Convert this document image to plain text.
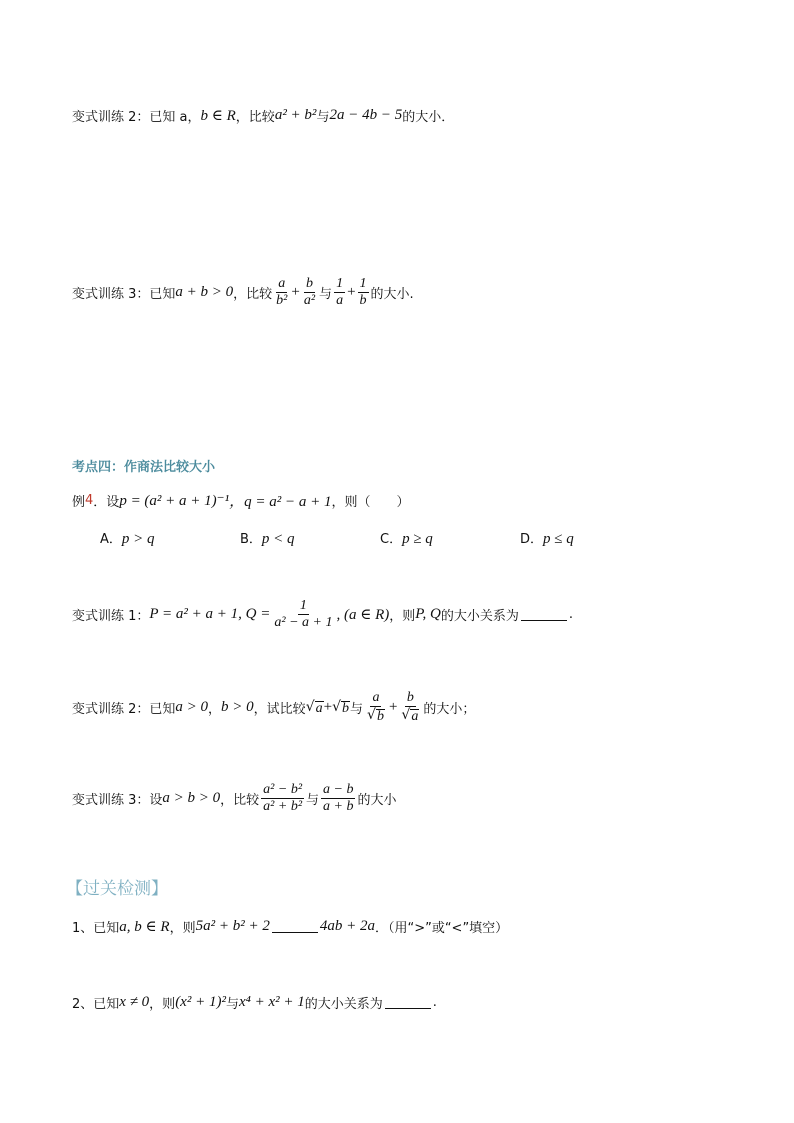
变式训练 2：已知 a， b ∈ R ，比较 a² + b² 与 2a − 4b − 5 的大小．
变式训练 3：已知 a + b > 0 ，比较 $\frac{a}{\text{b²}} + \frac{b}{\text{a²}}$ 与 $\frac{1}{a} + \frac{1}{b}$ 的大小.
考点四：作商法比较大小
例 4 ．设 p = (a² + a + 1)⁻¹ ，q = a² − a + 1 ，则（　　）
A．p > q	B．p < q	C．p ≥ q	D．p ≤ q
变式训练 1： P = a² + a + 1, $Q = \frac{1}{\text{a² − a + 1}}$ , (a ∈ R) ，则 P, Q 的大小关系为	.
变式训练 2：已知 a > 0 ， b > 0 ，试比较 √ a + √ b 与 $\frac{a}{√ b} + \frac{b}{√ a}$ 的大小；
变式训练 3：设 a > b > 0 ，比较 $\frac{\text{a² − b²}}{\text{a² + b²}}$ 与 $\frac{a - b}{a + b}$ 的大小
【过关检测】
1、已知 a, b ∈ R ，则 5a² + b² + 2	4ab + 2a ．（用“>”或“<”填空）
2、已知 x ≠ 0 ，则 (x² + 1)² 与 x⁴ + x² + 1 的大小关系为	.
